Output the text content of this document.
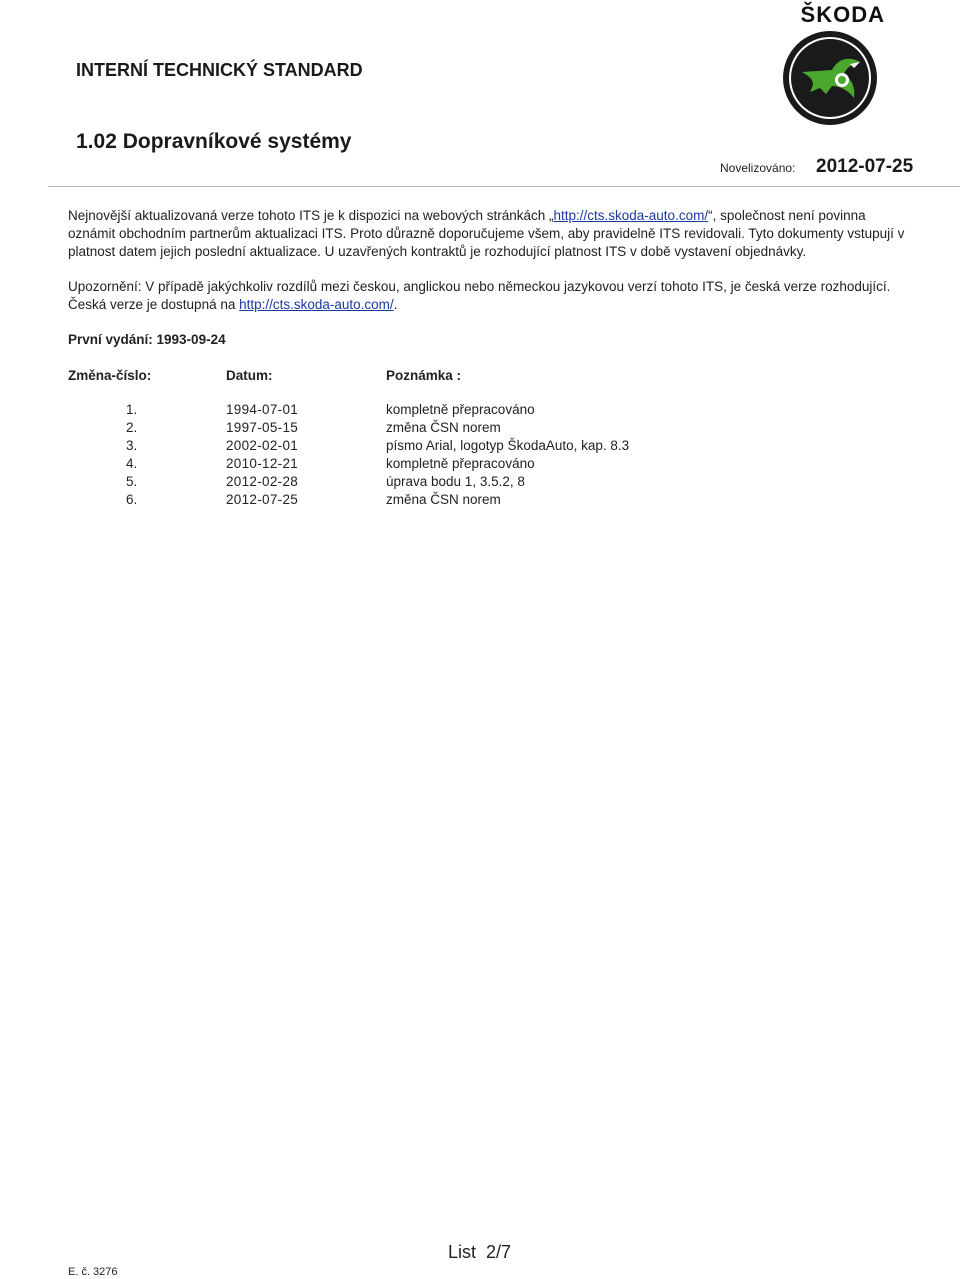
ŠKODA
INTERNÍ TECHNICKÝ STANDARD
1.02 Dopravníkové systémy
Novelizováno: 2012-07-25
Nejnovější aktualizovaná verze tohoto ITS je k dispozici na webových stránkách „http://cts.skoda-auto.com/“, společnost není povinna oznámit obchodním partnerům aktualizaci ITS. Proto důrazně doporučujeme všem, aby pravidelně ITS revidovali. Tyto dokumenty vstupují v platnost datem jejich poslední aktualizace. U uzavřených kontraktů je rozhodující platnost ITS v době vystavení objednávky.
Upozornění: V případě jakýchkoliv rozdílů mezi českou, anglickou nebo německou jazykovou verzí tohoto ITS, je česká verze rozhodující. Česká verze je dostupná na http://cts.skoda-auto.com/.
První vydání: 1993-09-24
Změna-číslo:	Datum:	Poznámka :
1.	1994-07-01	kompletně přepracováno
2.	1997-05-15	změna ČSN norem
3.	2002-02-01	písmo Arial, logotyp ŠkodaAuto, kap. 8.3
4.	2010-12-21	kompletně přepracováno
5.	2012-02-28	úprava bodu 1, 3.5.2, 8
6.	2012-07-25	změna ČSN norem
List  2/7
E. č. 3276
